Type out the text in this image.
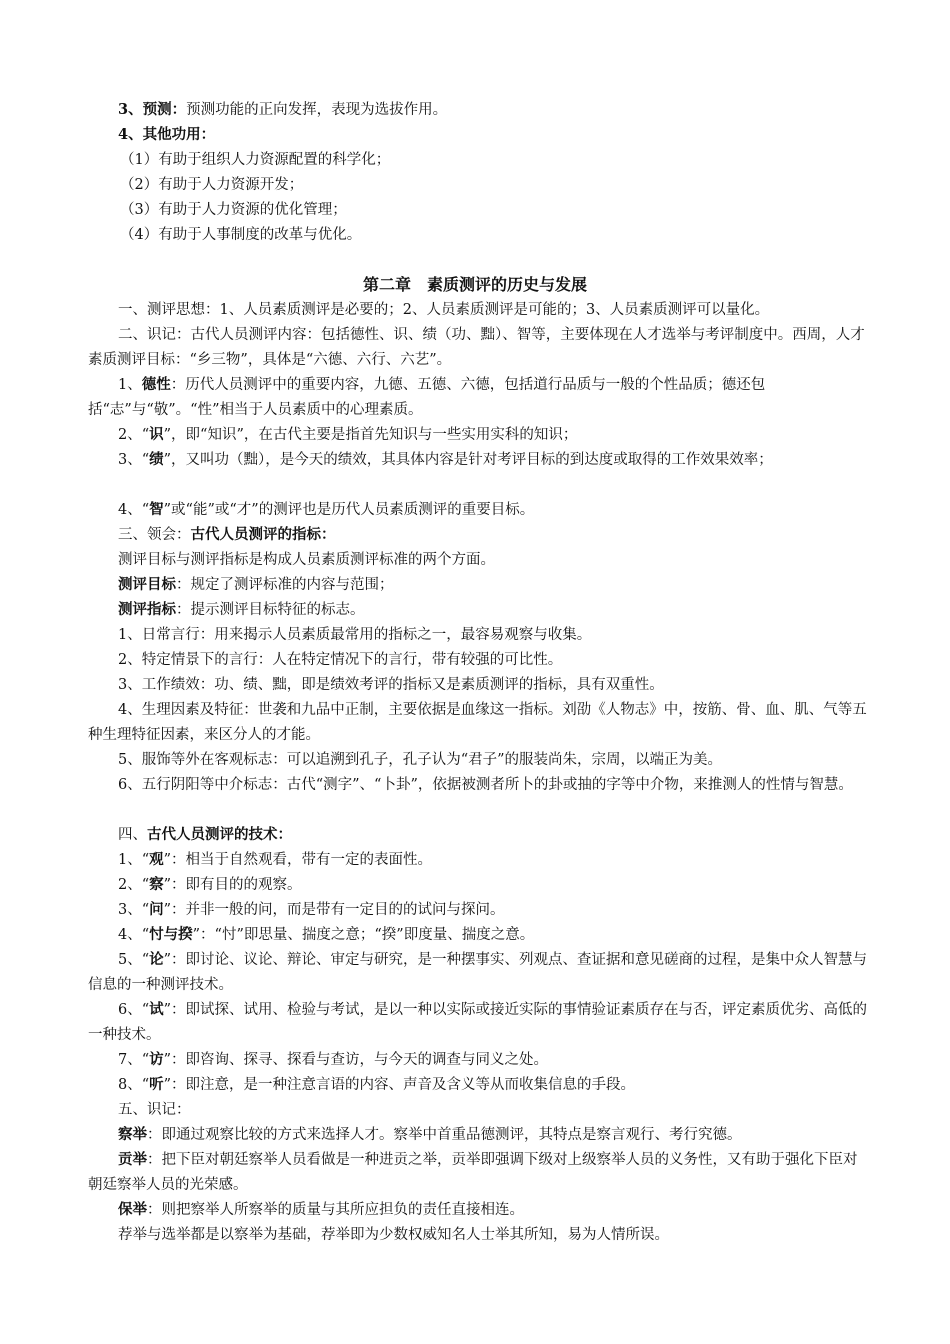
3、预测：预测功能的正向发挥，表现为选拔作用。
4、其他功用：
（1）有助于组织人力资源配置的科学化；
（2）有助于人力资源开发；
（3）有助于人力资源的优化管理；
（4）有助于人事制度的改革与优化。
第二章　素质测评的历史与发展
一、测评思想：1、人员素质测评是必要的；2、人员素质测评是可能的；3、人员素质测评可以量化。
二、识记：古代人员测评内容：包括德性、识、绩（功、黜）、智等，主要体现在人才选举与考评制度中。西周，人才素质测评目标：“乡三物”，具体是“六德、六行、六艺”。
1、德性：历代人员测评中的重要内容，九德、五德、六德，包括道行品质与一般的个性品质；德还包括“志”与“敬”。“性”相当于人员素质中的心理素质。
2、“识”，即“知识”，在古代主要是指首先知识与一些实用实科的知识；
3、“绩”，又叫功（黜），是今天的绩效，其具体内容是针对考评目标的到达度或取得的工作效果效率；
4、“智”或“能”或“才”的测评也是历代人员素质测评的重要目标。
三、领会：古代人员测评的指标：
测评目标与测评指标是构成人员素质测评标准的两个方面。
测评目标：规定了测评标准的内容与范围；
测评指标：提示测评目标特征的标志。
1、日常言行：用来揭示人员素质最常用的指标之一，最容易观察与收集。
2、特定情景下的言行：人在特定情况下的言行，带有较强的可比性。
3、工作绩效：功、绩、黜，即是绩效考评的指标又是素质测评的指标，具有双重性。
4、生理因素及特征：世袭和九品中正制，主要依据是血缘这一指标。刘劭《人物志》中，按筋、骨、血、肌、气等五种生理特征因素，来区分人的才能。
5、服饰等外在客观标志：可以追溯到孔子，孔子认为“君子”的服装尚朱，宗周，以端正为美。
6、五行阴阳等中介标志：古代“测字”、“卜卦”，依据被测者所卜的卦或抽的字等中介物，来推测人的性情与智慧。
四、古代人员测评的技术：
1、“观”：相当于自然观看，带有一定的表面性。
2、“察”：即有目的的观察。
3、“问”：并非一般的问，而是带有一定目的的试问与探问。
4、“忖与揆”：“忖”即思量、揣度之意；“揆”即度量、揣度之意。
5、“论”：即讨论、议论、辩论、审定与研究，是一种摆事实、列观点、查证据和意见磋商的过程，是集中众人智慧与信息的一种测评技术。
6、“试”：即试探、试用、检验与考试，是以一种以实际或接近实际的事情验证素质存在与否，评定素质优劣、高低的一种技术。
7、“访”：即咨询、探寻、探看与查访，与今天的调查与同义之处。
8、“听”：即注意，是一种注意言语的内容、声音及含义等从而收集信息的手段。
五、识记：
察举：即通过观察比较的方式来选择人才。察举中首重品德测评，其特点是察言观行、考行究德。
贡举：把下臣对朝廷察举人员看做是一种进贡之举，贡举即强调下级对上级察举人员的义务性，又有助于强化下臣对朝廷察举人员的光荣感。
保举：则把察举人所察举的质量与其所应担负的责任直接相连。
荐举与选举都是以察举为基础，荐举即为少数权威知名人士举其所知，易为人情所误。
